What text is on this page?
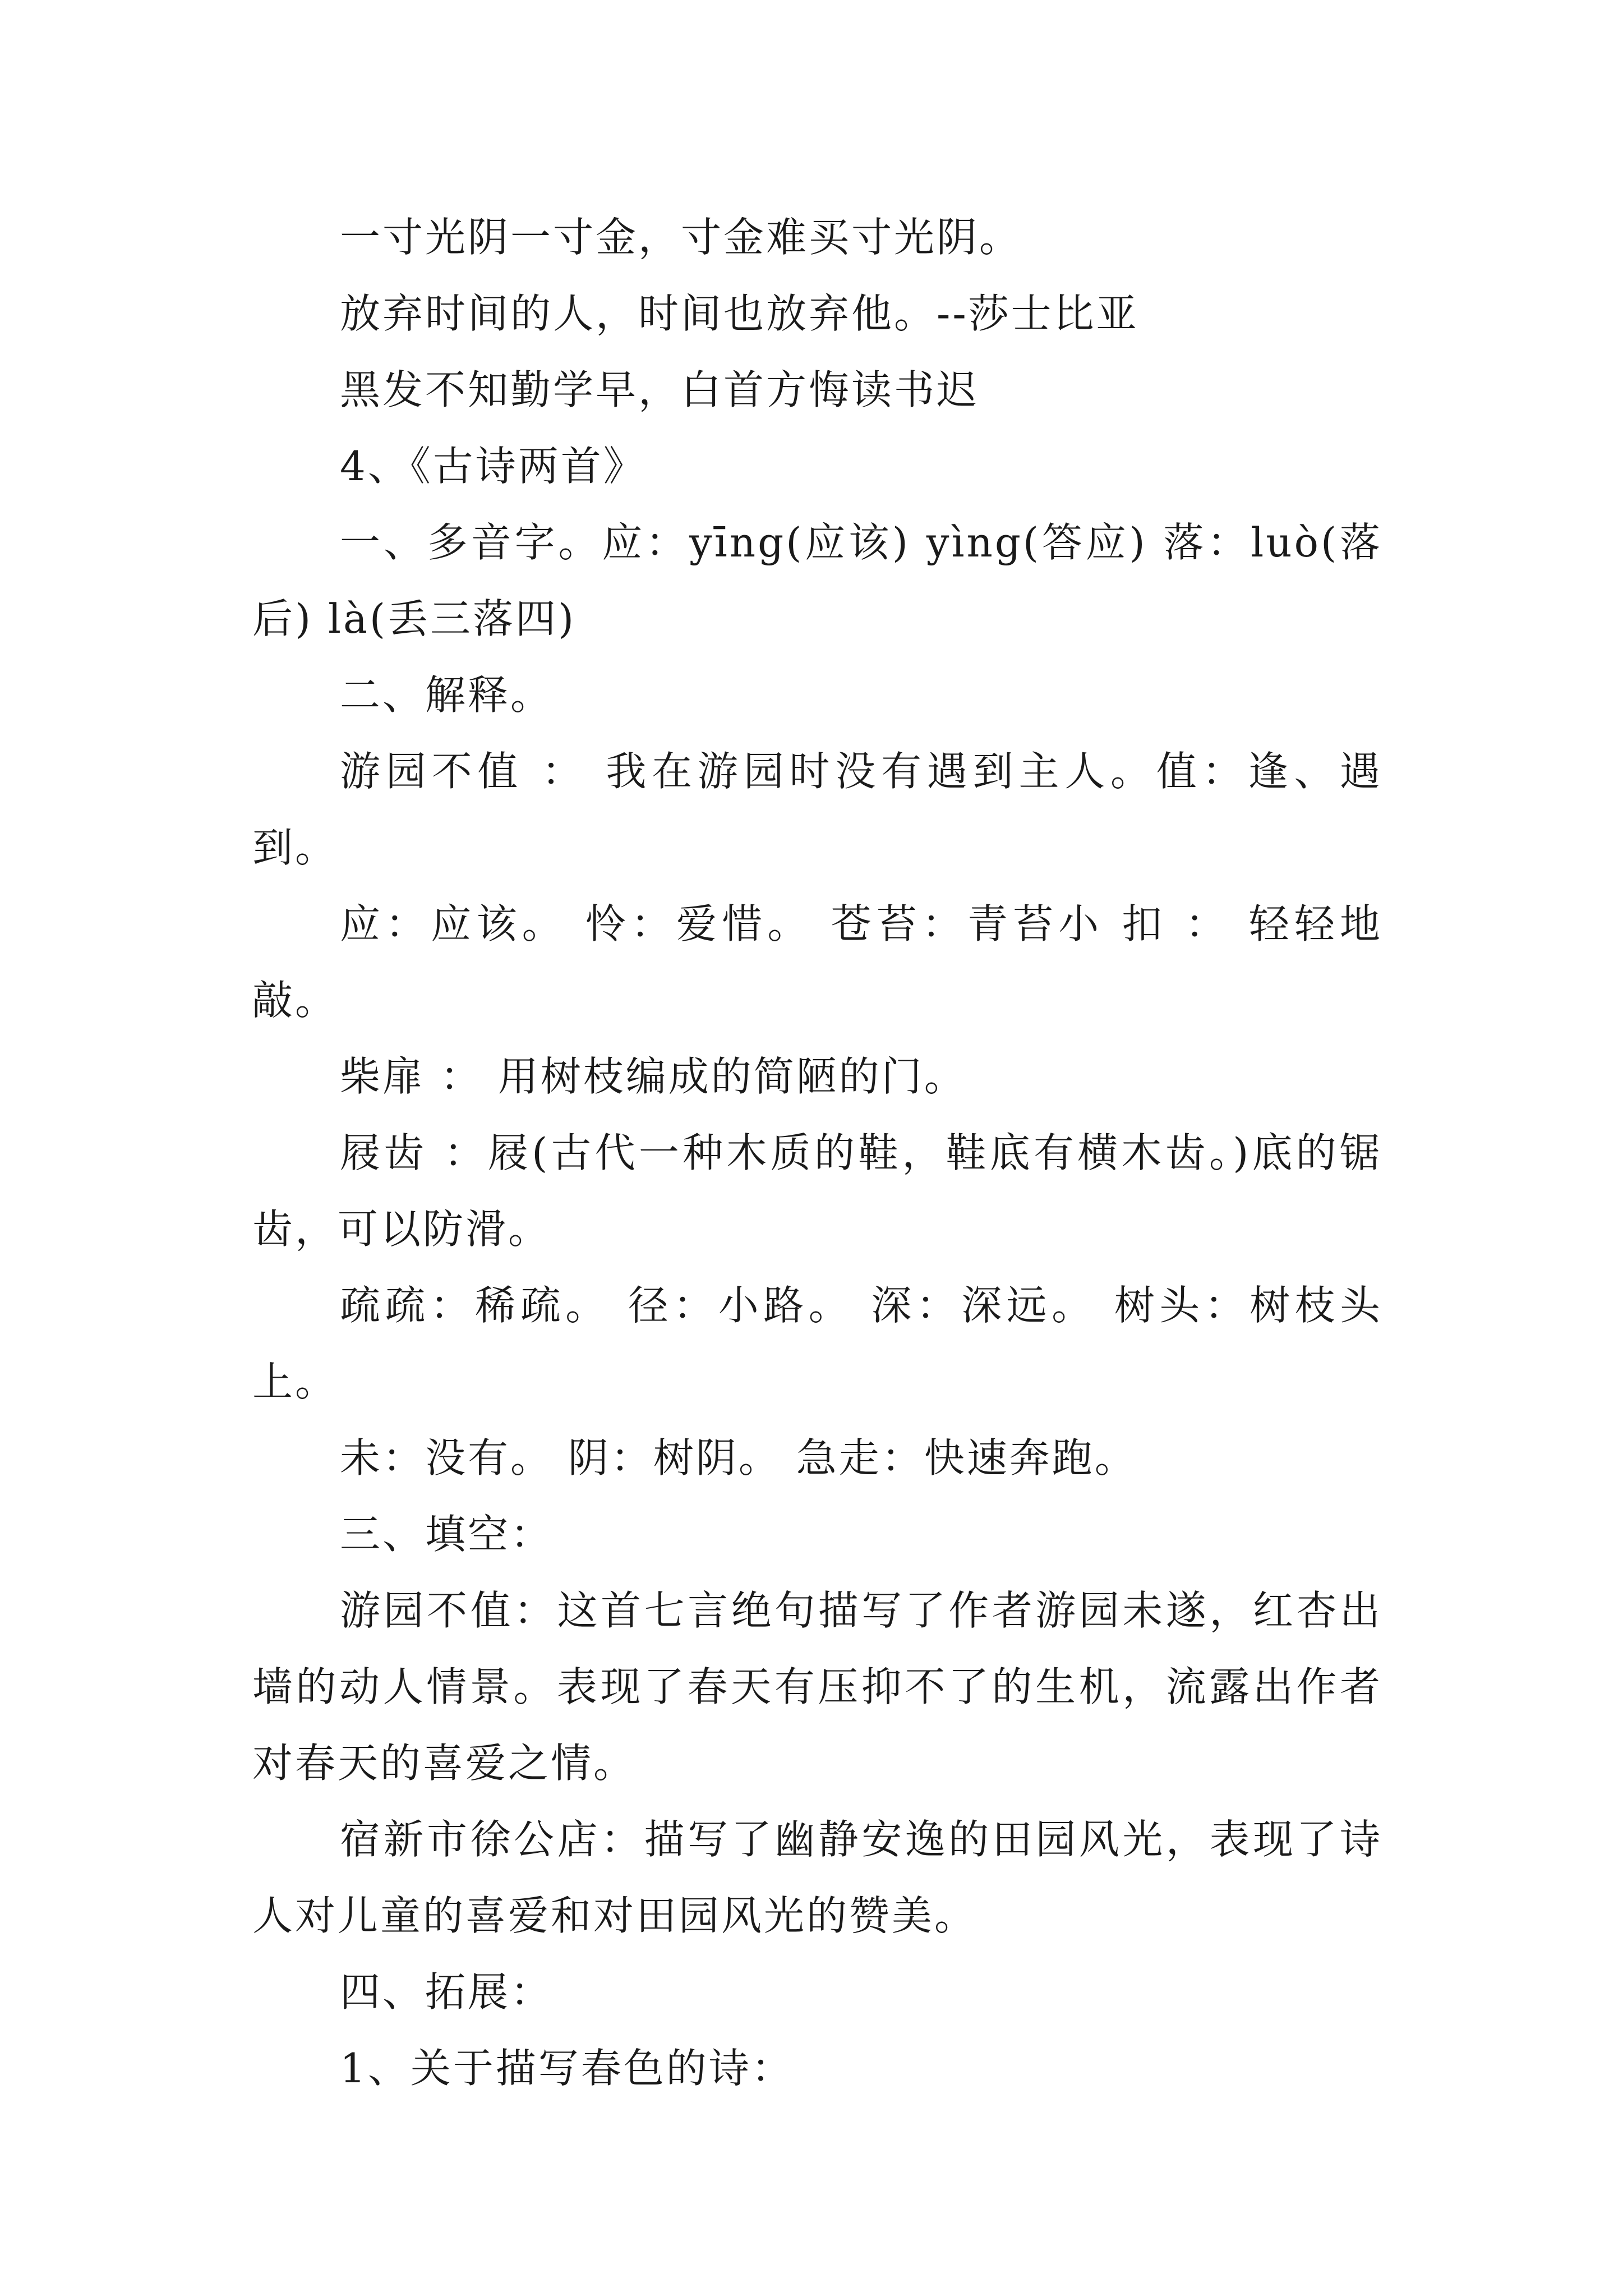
一寸光阴一寸金，寸金难买寸光阴。

放弃时间的人，时间也放弃他。--莎士比亚

黑发不知勤学早，白首方悔读书迟

4、《古诗两首》

一、多音字。应：yīng(应该) yìng(答应) 落：luò(落后) là(丢三落四)

二、解释。

游园不值 ： 我在游园时没有遇到主人。值：逢、遇到。

应：应该。 怜：爱惜。 苍苔：青苔小 扣 ： 轻轻地敲。

柴扉 ： 用树枝编成的简陋的门。

屐齿 ：屐(古代一种木质的鞋，鞋底有横木齿。)底的锯齿，可以防滑。

疏疏：稀疏。 径：小路。 深：深远。 树头：树枝头上。

未：没有。 阴：树阴。 急走：快速奔跑。

三、填空：

游园不值：这首七言绝句描写了作者游园未遂，红杏出墙的动人情景。表现了春天有压抑不了的生机，流露出作者对春天的喜爱之情。

宿新市徐公店：描写了幽静安逸的田园风光，表现了诗人对儿童的喜爱和对田园风光的赞美。

四、拓展：

1、关于描写春色的诗：
